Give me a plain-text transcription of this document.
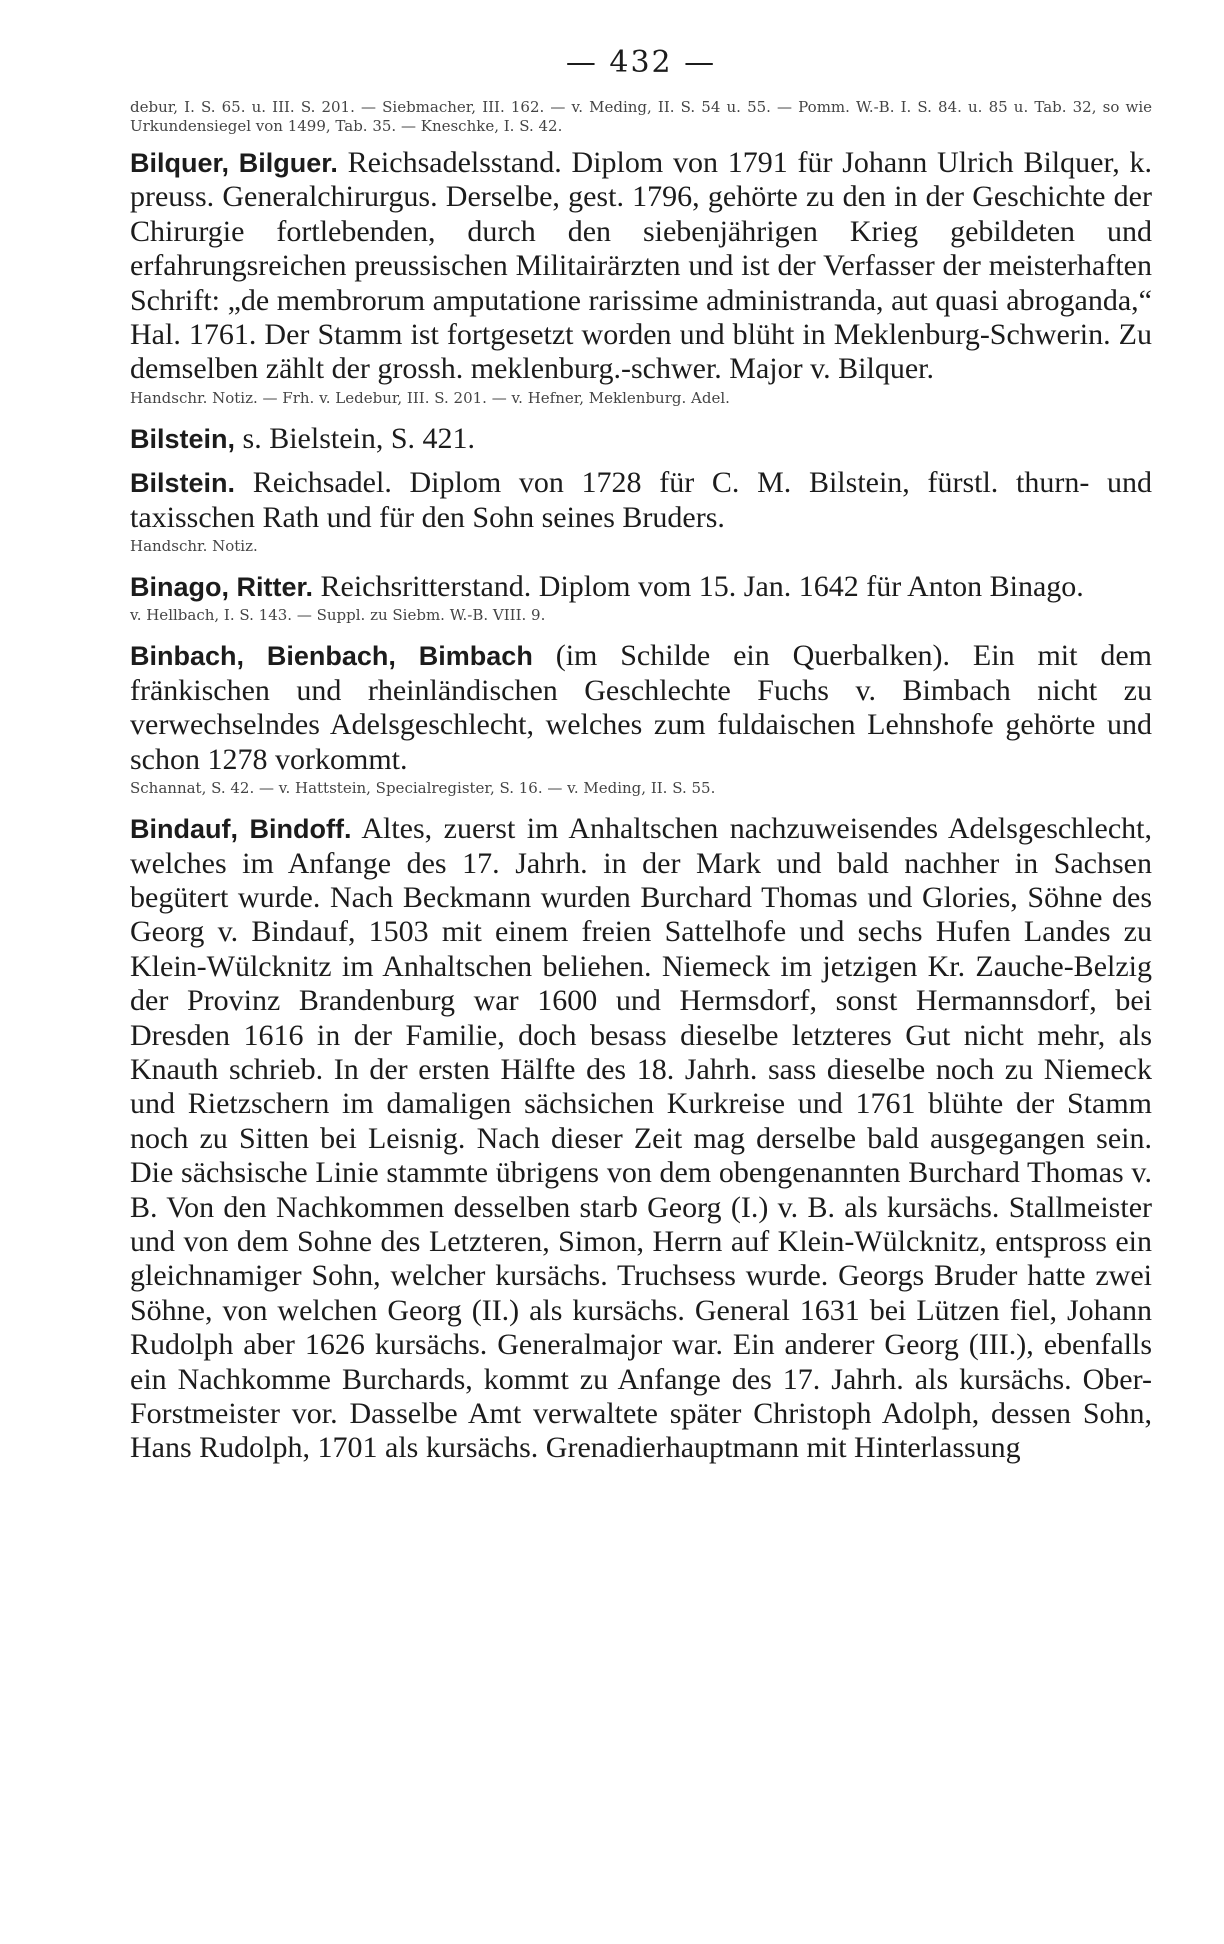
— 432 —
debur, I. S. 65. u. III. S. 201. — Siebmacher, III. 162. — v. Meding, II. S. 54 u. 55. — Pomm. W.-B. I. S. 84. u. 85 u. Tab. 32, so wie Urkundensiegel von 1499, Tab. 35. — Kneschke, I. S. 42.

Bilquer, Bilguer. Reichsadelsstand. Diplom von 1791 für Johann Ulrich Bilquer, k. preuss. Generalchirurgus. Derselbe, gest. 1796, gehörte zu den in der Geschichte der Chirurgie fortlebenden, durch den siebenjährigen Krieg gebildeten und erfahrungsreichen preussischen Militairärzten und ist der Verfasser der meisterhaften Schrift: „de membrorum amputatione rarissime administranda, aut quasi abroganda,“ Hal. 1761. Der Stamm ist fortgesetzt worden und blüht in Meklenburg-Schwerin. Zu demselben zählt der grossh. meklenburg.-schwer. Major v. Bilquer.

Handschr. Notiz. — Frh. v. Ledebur, III. S. 201. — v. Hefner, Meklenburg. Adel.

Bilstein, s. Bielstein, S. 421.

Bilstein. Reichsadel. Diplom von 1728 für C. M. Bilstein, fürstl. thurn- und taxisschen Rath und für den Sohn seines Bruders.

Handschr. Notiz.

Binago, Ritter. Reichsritterstand. Diplom vom 15. Jan. 1642 für Anton Binago.

v. Hellbach, I. S. 143. — Suppl. zu Siebm. W.-B. VIII. 9.

Binbach, Bienbach, Bimbach (im Schilde ein Querbalken). Ein mit dem fränkischen und rheinländischen Geschlechte Fuchs v. Bimbach nicht zu verwechselndes Adelsgeschlecht, welches zum fuldaischen Lehnshofe gehörte und schon 1278 vorkommt.

Schannat, S. 42. — v. Hattstein, Specialregister, S. 16. — v. Meding, II. S. 55.

Bindauf, Bindoff. Altes, zuerst im Anhaltschen nachzuweisendes Adelsgeschlecht, welches im Anfange des 17. Jahrh. in der Mark und bald nachher in Sachsen begütert wurde. Nach Beckmann wurden Burchard Thomas und Glories, Söhne des Georg v. Bindauf, 1503 mit einem freien Sattelhofe und sechs Hufen Landes zu Klein-Wülcknitz im Anhaltschen beliehen. Niemeck im jetzigen Kr. Zauche-Belzig der Provinz Brandenburg war 1600 und Hermsdorf, sonst Hermannsdorf, bei Dresden 1616 in der Familie, doch besass dieselbe letzteres Gut nicht mehr, als Knauth schrieb. In der ersten Hälfte des 18. Jahrh. sass dieselbe noch zu Niemeck und Rietzschern im damaligen sächsichen Kurkreise und 1761 blühte der Stamm noch zu Sitten bei Leisnig. Nach dieser Zeit mag derselbe bald ausgegangen sein. Die sächsische Linie stammte übrigens von dem obengenannten Burchard Thomas v. B. Von den Nachkommen desselben starb Georg (I.) v. B. als kursächs. Stallmeister und von dem Sohne des Letzteren, Simon, Herrn auf Klein-Wülcknitz, entspross ein gleichnamiger Sohn, welcher kursächs. Truchsess wurde. Georgs Bruder hatte zwei Söhne, von welchen Georg (II.) als kursächs. General 1631 bei Lützen fiel, Johann Rudolph aber 1626 kursächs. Generalmajor war. Ein anderer Georg (III.), ebenfalls ein Nachkomme Burchards, kommt zu Anfange des 17. Jahrh. als kursächs. Ober-Forstmeister vor. Dasselbe Amt verwaltete später Christoph Adolph, dessen Sohn, Hans Rudolph, 1701 als kursächs. Grenadierhauptmann mit Hinterlassung
